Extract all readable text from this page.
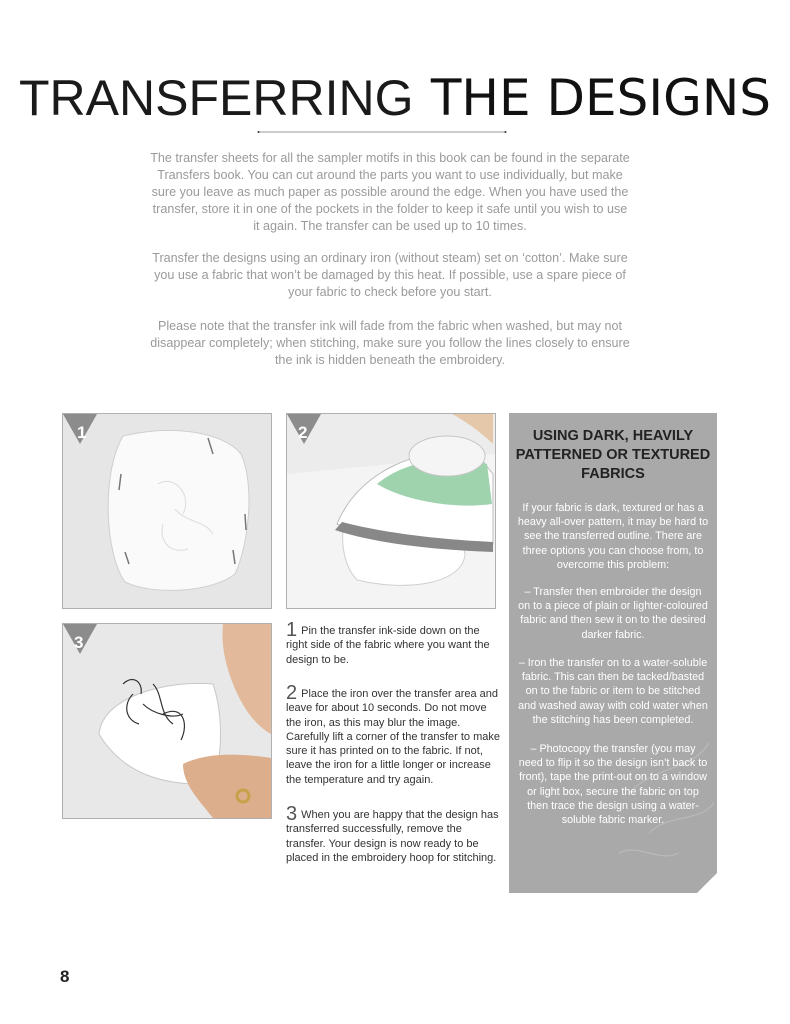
TRANSFERRING THE DESIGNS

The transfer sheets for all the sampler motifs in this book can be found in the separate Transfers book. You can cut around the parts you want to use individually, but make sure you leave as much paper as possible around the edge. When you have used the transfer, store it in one of the pockets in the folder to keep it safe until you wish to use it again. The transfer can be used up to 10 times.

Transfer the designs using an ordinary iron (without steam) set on ‘cotton’. Make sure you use a fabric that won’t be damaged by this heat. If possible, use a spare piece of your fabric to check before you start.

Please note that the transfer ink will fade from the fabric when washed, but may not disappear completely; when stitching, make sure you follow the lines closely to ensure the ink is hidden beneath the embroidery.

1	2
3

1 Pin the transfer ink-side down on the right side of the fabric where you want the design to be.

2 Place the iron over the transfer area and leave for about 10 seconds. Do not move the iron, as this may blur the image. Carefully lift a corner of the transfer to make sure it has printed on to the fabric. If not, leave the iron for a little longer or increase the temperature and try again.

3 When you are happy that the design has transferred successfully, remove the transfer. Your design is now ready to be placed in the embroidery hoop for stitching.

USING DARK, HEAVILY PATTERNED OR TEXTURED FABRICS

If your fabric is dark, textured or has a heavy all-over pattern, it may be hard to see the transferred outline. There are three options you can choose from, to overcome this problem:

– Transfer then embroider the design on to a piece of plain or lighter-coloured fabric and then sew it on to the desired darker fabric.

– Iron the transfer on to a water-soluble fabric. This can then be tacked/basted on to the fabric or item to be stitched and washed away with cold water when the stitching has been completed.

– Photocopy the transfer (you may need to flip it so the design isn’t back to front), tape the print-out on to a window or light box, secure the fabric on top then trace the design using a water-soluble fabric marker.

8
